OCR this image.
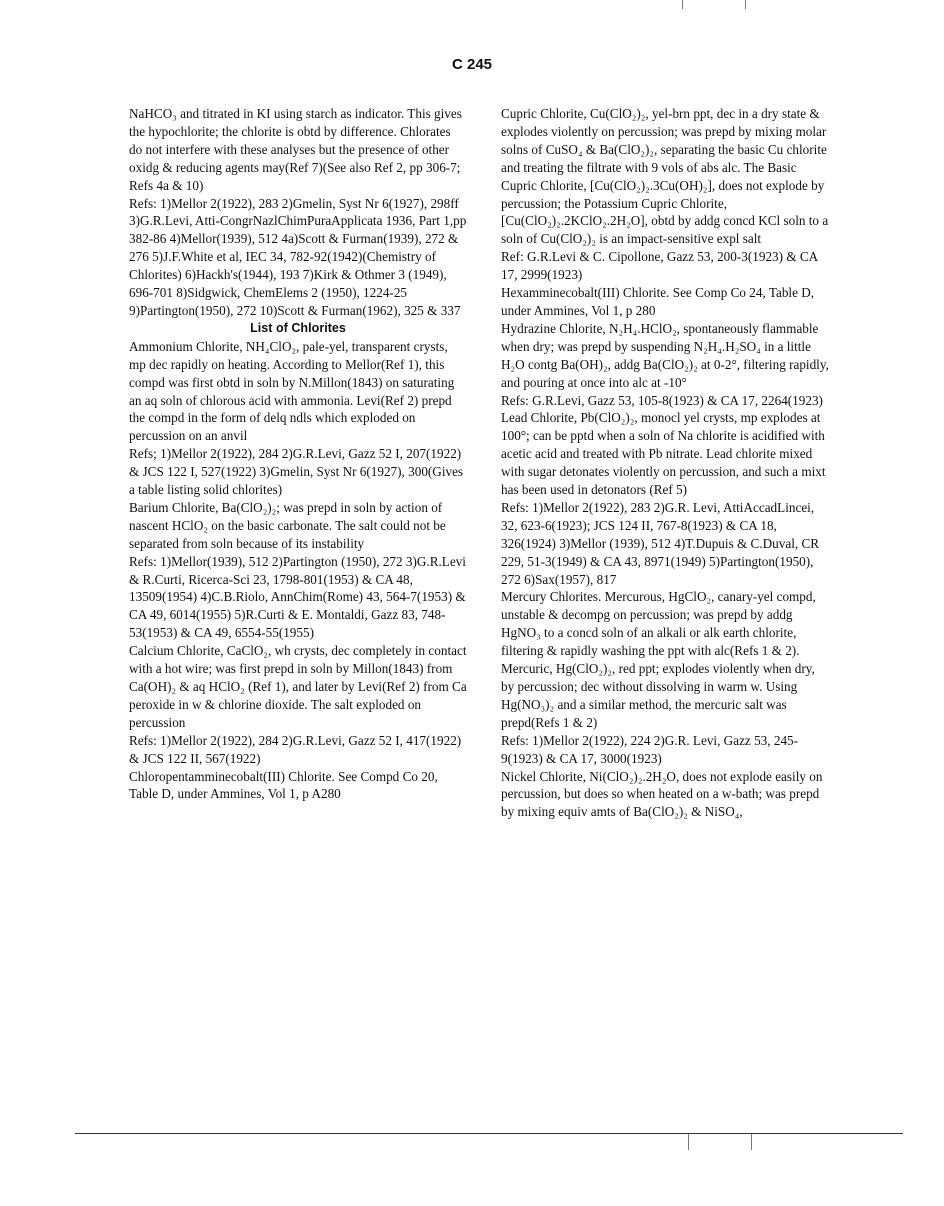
C 245

NaHCO₃ and titrated in KI using starch as indicator. This gives the hypochlorite; the chlorite is obtd by difference. Chlorates do not interfere with these analyses but the presence of other oxidg & reducing agents may(Ref 7)(See also Ref 2, pp 306-7; Refs 4a & 10)

Refs: 1)Mellor 2(1922), 283 2)Gmelin, Syst Nr 6(1927), 298ff 3)G.R.Levi, Atti-CongrNazlChimPuraApplicata 1936, Part 1,pp 382-86 4)Mellor(1939), 512 4a)Scott & Furman(1939), 272 & 276 5)J.F.White et al, IEC 34, 782-92(1942)(Chemistry of Chlorites) 6)Hackh's(1944), 193 7)Kirk & Othmer 3 (1949), 696-701 8)Sidgwick, ChemElems 2 (1950), 1224-25 9)Partington(1950), 272 10)Scott & Furman(1962), 325 & 337

List of Chlorites

Ammonium Chlorite, NH₄ClO₂, pale-yel, transparent crysts, mp dec rapidly on heating. According to Mellor(Ref 1), this compd was first obtd in soln by N.Millon(1843) on saturating an aq soln of chlorous acid with ammonia. Levi(Ref 2) prepd the compd in the form of delq ndls which exploded on percussion on an anvil

Refs; 1)Mellor 2(1922), 284 2)G.R.Levi, Gazz 52 I, 207(1922) & JCS 122 I, 527(1922) 3)Gmelin, Syst Nr 6(1927), 300(Gives a table listing solid chlorites)

Barium Chlorite, Ba(ClO₂)₂; was prepd in soln by action of nascent HClO₂ on the basic carbonate. The salt could not be separated from soln because of its instability

Refs: 1)Mellor(1939), 512 2)Partington (1950), 272 3)G.R.Levi & R.Curti, Ricerca-Sci 23, 1798-801(1953) & CA 48, 13509(1954) 4)C.B.Riolo, AnnChim(Rome) 43, 564-7(1953) & CA 49, 6014(1955) 5)R.Curti & E. Montaldi, Gazz 83, 748-53(1953) & CA 49, 6554-55(1955)

Calcium Chlorite, CaClO₂, wh crysts, dec completely in contact with a hot wire; was first prepd in soln by Millon(1843) from Ca(OH)₂ & aq HClO₂ (Ref 1), and later by Levi(Ref 2) from Ca peroxide in w & chlorine dioxide. The salt exploded on percussion

Refs: 1)Mellor 2(1922), 284 2)G.R.Levi, Gazz 52 I, 417(1922) & JCS 122 II, 567(1922)

Chloropentamminecobalt(III) Chlorite. See Compd Co 20, Table D, under Ammines, Vol 1, p A280

Cupric Chlorite, Cu(ClO₂)₂, yel-brn ppt, dec in a dry state & explodes violently on percussion; was prepd by mixing molar solns of CuSO₄ & Ba(ClO₂)₂, separating the basic Cu chlorite and treating the filtrate with 9 vols of abs alc. The Basic Cupric Chlorite, [Cu(ClO₂)₂.3Cu(OH)₂], does not explode by percussion; the Potassium Cupric Chlorite, [Cu(ClO₂)₂.2KClO₂.2H₂O], obtd by addg concd KCl soln to a soln of Cu(ClO₂)₂ is an impact-sensitive expl salt

Ref: G.R.Levi & C. Cipollone, Gazz 53, 200-3(1923) & CA 17, 2999(1923)

Hexamminecobalt(III) Chlorite. See Comp Co 24, Table D, under Ammines, Vol 1, p 280

Hydrazine Chlorite, N₂H₄.HClO₂, spontaneously flammable when dry; was prepd by suspending N₂H₄.H₂SO₄ in a little H₂O contg Ba(OH)₂, addg Ba(ClO₂)₂ at 0-2°, filtering rapidly, and pouring at once into alc at -10°

Refs: G.R.Levi, Gazz 53, 105-8(1923) & CA 17, 2264(1923)

Lead Chlorite, Pb(ClO₂)₂, monocl yel crysts, mp explodes at 100°; can be pptd when a soln of Na chlorite is acidified with acetic acid and treated with Pb nitrate. Lead chlorite mixed with sugar detonates violently on percussion, and such a mixt has been used in detonators (Ref 5)

Refs: 1)Mellor 2(1922), 283 2)G.R. Levi, AttiAccadLincei, 32, 623-6(1923); JCS 124 II, 767-8(1923) & CA 18, 326(1924) 3)Mellor (1939), 512 4)T.Dupuis & C.Duval, CR 229, 51-3(1949) & CA 43, 8971(1949) 5)Partington(1950), 272 6)Sax(1957), 817

Mercury Chlorites. Mercurous, HgClO₂, canary-yel compd, unstable & decompg on percussion; was prepd by addg HgNO₃ to a concd soln of an alkali or alk earth chlorite, filtering & rapidly washing the ppt with alc(Refs 1 & 2). Mercuric, Hg(ClO₂)₂, red ppt; explodes violently when dry, by percussion; dec without dissolving in warm w. Using Hg(NO₃)₂ and a similar method, the mercuric salt was prepd(Refs 1 & 2)

Refs: 1)Mellor 2(1922), 224 2)G.R. Levi, Gazz 53, 245-9(1923) & CA 17, 3000(1923)

Nickel Chlorite, Ni(ClO₂)₂.2H₂O, does not explode easily on percussion, but does so when heated on a w-bath; was prepd by mixing equiv amts of Ba(ClO₂)₂ & NiSO₄,
